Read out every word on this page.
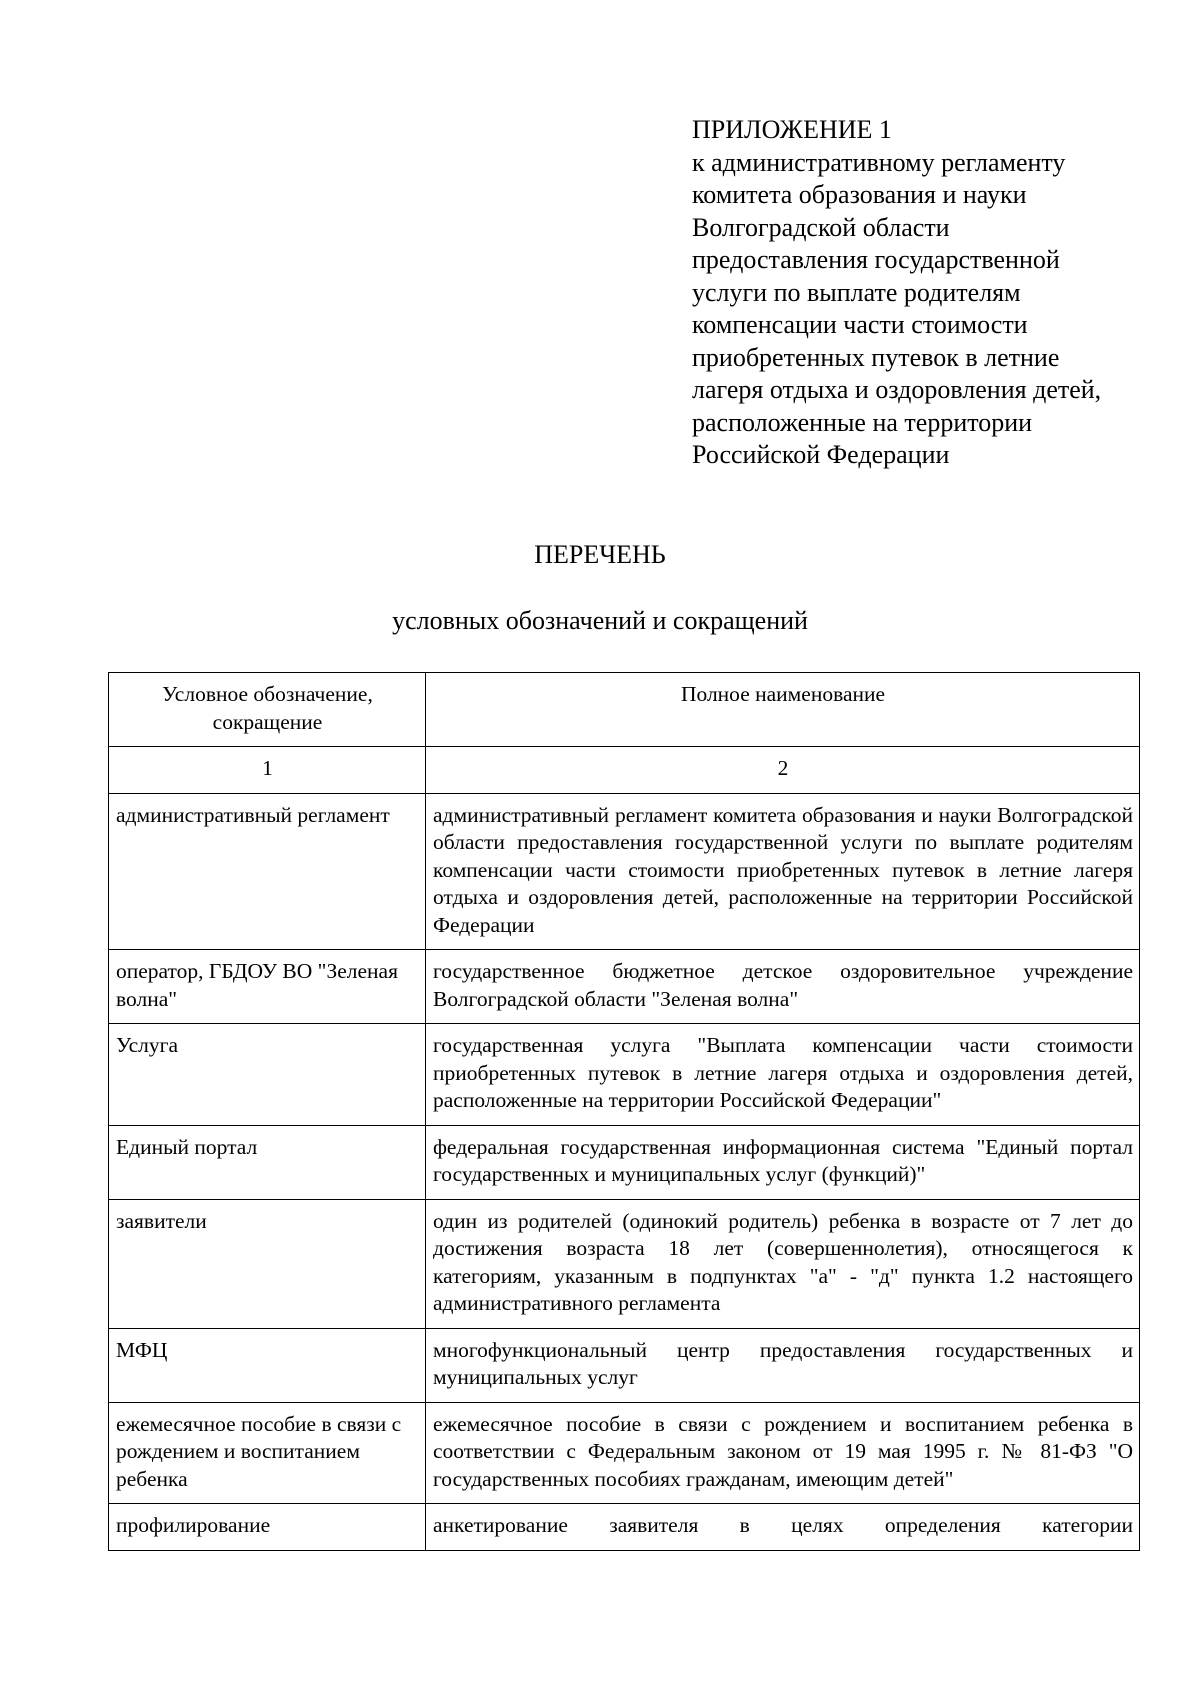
ПРИЛОЖЕНИЕ 1
к административному регламенту
комитета образования и науки
Волгоградской области
предоставления государственной
услуги по выплате родителям
компенсации части стоимости
приобретенных путевок в летние
лагеря отдыха и оздоровления детей,
расположенные на территории
Российской Федерации
ПЕРЕЧЕНЬ
условных обозначений и сокращений
Условное обозначение, сокращение	Полное наименование
1	2
административный регламент	административный регламент комитета образования и науки Волгоградской области предоставления государственной услуги по выплате родителям компенсации части стоимости приобретенных путевок в летние лагеря отдыха и оздоровления детей, расположенные на территории Российской Федерации
оператор, ГБДОУ ВО "Зеленая волна"	государственное бюджетное детское оздоровительное учреждение Волгоградской области "Зеленая волна"
Услуга	государственная услуга "Выплата компенсации части стоимости приобретенных путевок в летние лагеря отдыха и оздоровления детей, расположенные на территории Российской Федерации"
Единый портал	федеральная государственная информационная система "Единый портал государственных и муниципальных услуг (функций)"
заявители	один из родителей (одинокий родитель) ребенка в возрасте от 7 лет до достижения возраста 18 лет (совершеннолетия), относящегося к категориям, указанным в подпунктах "а" - "д" пункта 1.2 настоящего административного регламента
МФЦ	многофункциональный центр предоставления государственных и муниципальных услуг
ежемесячное пособие в связи с рождением и воспитанием ребенка	ежемесячное пособие в связи с рождением и воспитанием ребенка в соответствии с Федеральным законом от 19 мая 1995 г. № 81-ФЗ "О государственных пособиях гражданам, имеющим детей"
профилирование	анкетирование заявителя в целях определения категории
